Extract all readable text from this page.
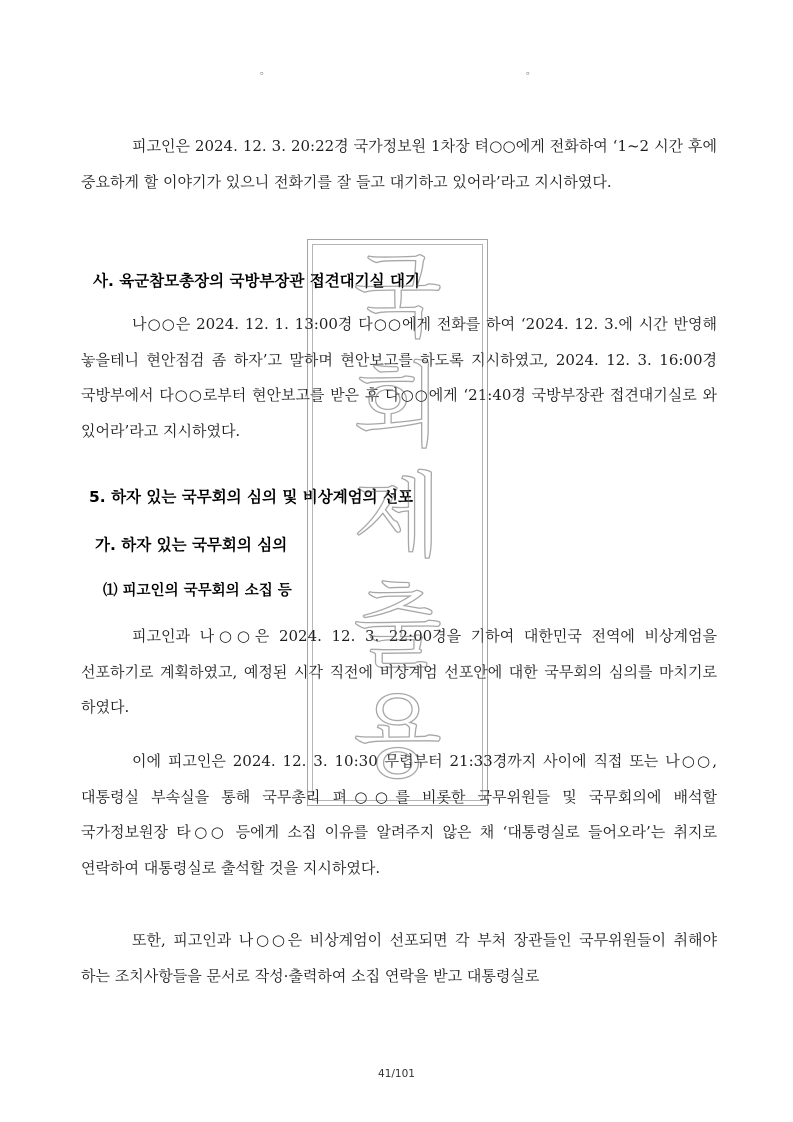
。	。

피고인은 2024. 12. 3. 20:22경 국가정보원 1차장 텨○○에게 전화하여 ‘1~2 시간 후에 중요하게 할 이야기가 있으니 전화기를 잘 들고 대기하고 있어라’라고 지시하였다.

사. 육군참모총장의 국방부장관 접견대기실 대기

나○○은 2024. 12. 1. 13:00경 다○○에게 전화를 하여 ‘2024. 12. 3.에 시간 반영해 놓을테니 현안점검 좀 하자’고 말하며 현안보고를 하도록 지시하였고, 2024. 12. 3. 16:00경 국방부에서 다○○로부터 현안보고를 받은 후 다○○에게 ‘21:40경 국방부장관 접견대기실로 와 있어라’라고 지시하였다.

5. 하자 있는 국무회의 심의 및 비상계엄의 선포
가. 하자 있는 국무회의 심의
⑴ 피고인의 국무회의 소집 등

피고인과 나○○은 2024. 12. 3. 22:00경을 기하여 대한민국 전역에 비상계엄을 선포하기로 계획하였고, 예정된 시각 직전에 비상계엄 선포안에 대한 국무회의 심의를 마치기로 하였다.

이에 피고인은 2024. 12. 3. 10:30 무렵부터 21:33경까지 사이에 직접 또는 나○○, 대통령실 부속실을 통해 국무총리 펴○○를 비롯한 국무위원들 및 국무회의에 배석할 국가정보원장 타○○ 등에게 소집 이유를 알려주지 않은 채 ‘대통령실로 들어오라’는 취지로 연락하여 대통령실로 출석할 것을 지시하였다.

또한, 피고인과 나○○은 비상계엄이 선포되면 각 부처 장관들인 국무위원들이 취해야 하는 조치사항들을 문서로 작성·출력하여 소집 연락을 받고 대통령실로

국
회
제
출
용
41/101
